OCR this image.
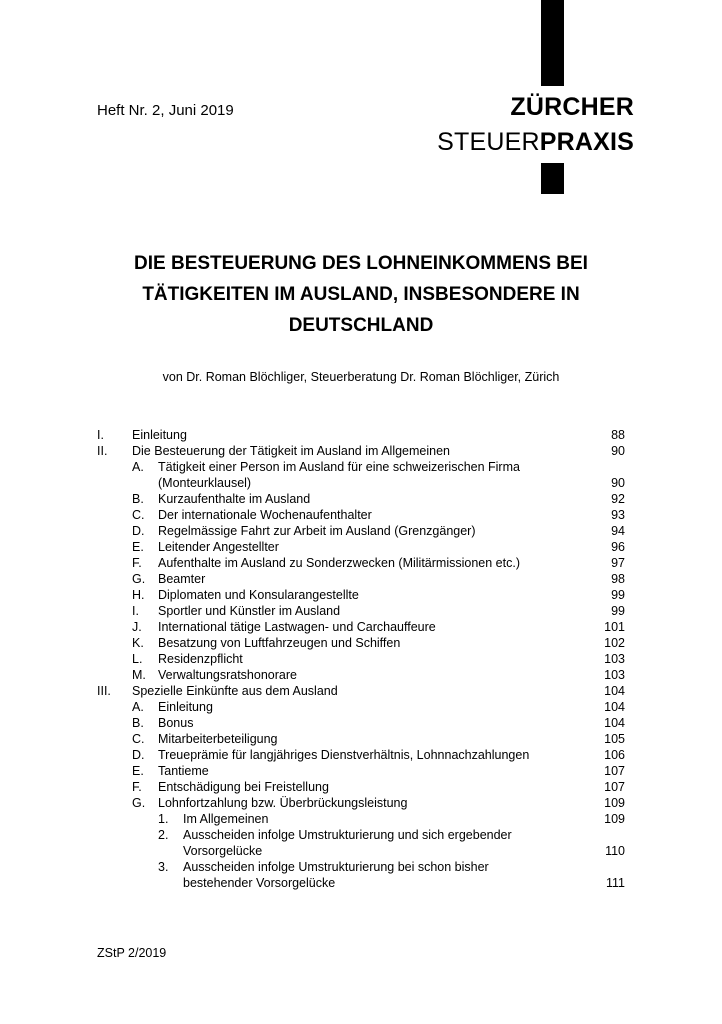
Heft Nr. 2, Juni 2019	ZÜRCHER
STEUERPRAXIS
DIE BESTEUERUNG DES LOHNEINKOMMENS BEI
TÄTIGKEITEN IM AUSLAND, INSBESONDERE IN
DEUTSCHLAND
von Dr. Roman Blöchliger, Steuerberatung Dr. Roman Blöchliger, Zürich
I. Einleitung	88
II. Die Besteuerung der Tätigkeit im Ausland im Allgemeinen	90
A. Tätigkeit einer Person im Ausland für eine schweizerischen Firma
(Monteurklausel)	90
B. Kurzaufenthalte im Ausland	92
C. Der internationale Wochenaufenthalter	93
D. Regelmässige Fahrt zur Arbeit im Ausland (Grenzgänger)	94
E. Leitender Angestellter	96
F. Aufenthalte im Ausland zu Sonderzwecken (Militärmissionen etc.)	97
G. Beamter	98
H. Diplomaten und Konsularangestellte	99
I. Sportler und Künstler im Ausland	99
J. International tätige Lastwagen- und Carchauffeure	101
K. Besatzung von Luftfahrzeugen und Schiffen	102
L. Residenzpflicht	103
M. Verwaltungsratshonorare	103
III. Spezielle Einkünfte aus dem Ausland	104
A. Einleitung	104
B. Bonus	104
C. Mitarbeiterbeteiligung	105
D. Treueprämie für langjähriges Dienstverhältnis, Lohnnachzahlungen	106
E. Tantieme	107
F. Entschädigung bei Freistellung	107
G. Lohnfortzahlung bzw. Überbrückungsleistung	109
1. Im Allgemeinen	109
2. Ausscheiden infolge Umstrukturierung und sich ergebender
Vorsorgelücke	110
3. Ausscheiden infolge Umstrukturierung bei schon bisher
bestehender Vorsorgelücke	111
ZStP 2/2019
